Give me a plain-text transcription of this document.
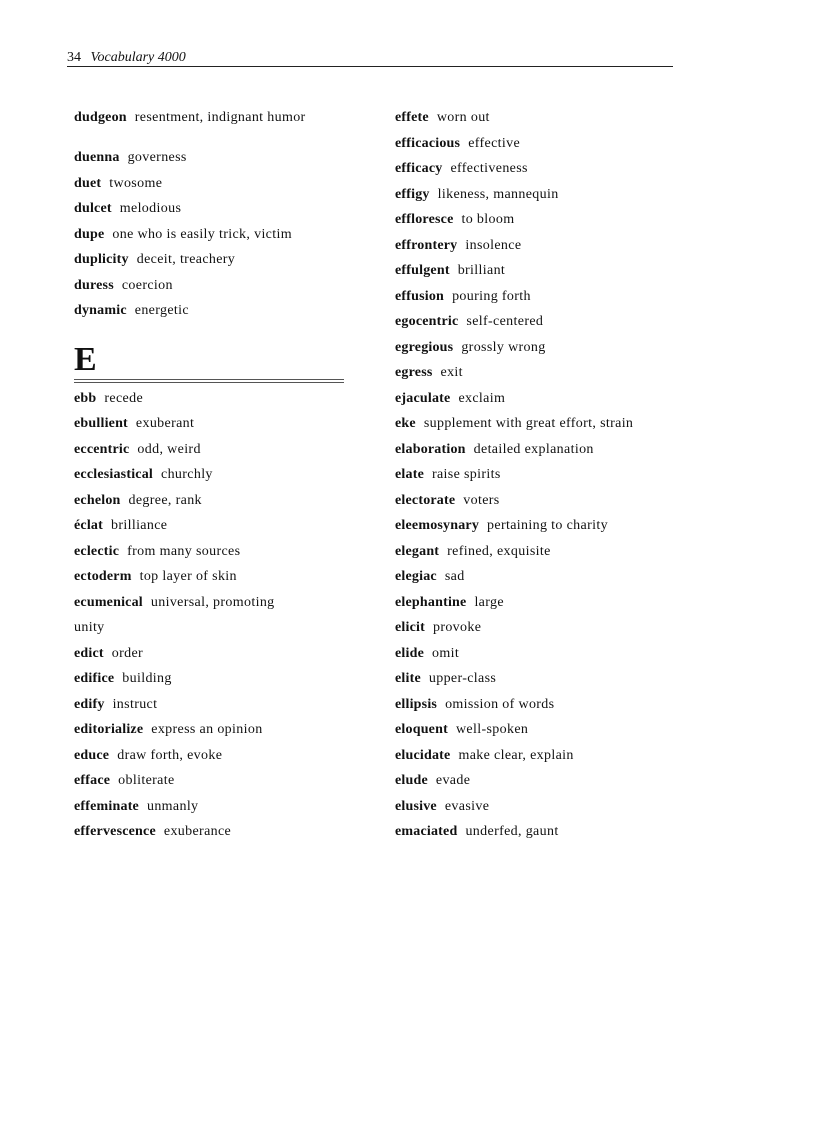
34 Vocabulary 4000
dudgeon resentment, indignant humor
duenna governess
duet twosome
dulcet melodious
dupe one who is easily trick, victim
duplicity deceit, treachery
duress coercion
dynamic energetic
E
ebb recede
ebullient exuberant
eccentric odd, weird
ecclesiastical churchly
echelon degree, rank
éclat brilliance
eclectic from many sources
ectoderm top layer of skin
ecumenical universal, promoting
unity
edict order
edifice building
edify instruct
editorialize express an opinion
educe draw forth, evoke
efface obliterate
effeminate unmanly
effervescence exuberance
effete worn out
efficacious effective
efficacy effectiveness
effigy likeness, mannequin
effloresce to bloom
effrontery insolence
effulgent brilliant
effusion pouring forth
egocentric self-centered
egregious grossly wrong
egress exit
ejaculate exclaim
eke supplement with great effort, strain
elaboration detailed explanation
elate raise spirits
electorate voters
eleemosynary pertaining to charity
elegant refined, exquisite
elegiac sad
elephantine large
elicit provoke
elide omit
elite upper-class
ellipsis omission of words
eloquent well-spoken
elucidate make clear, explain
elude evade
elusive evasive
emaciated underfed, gaunt
